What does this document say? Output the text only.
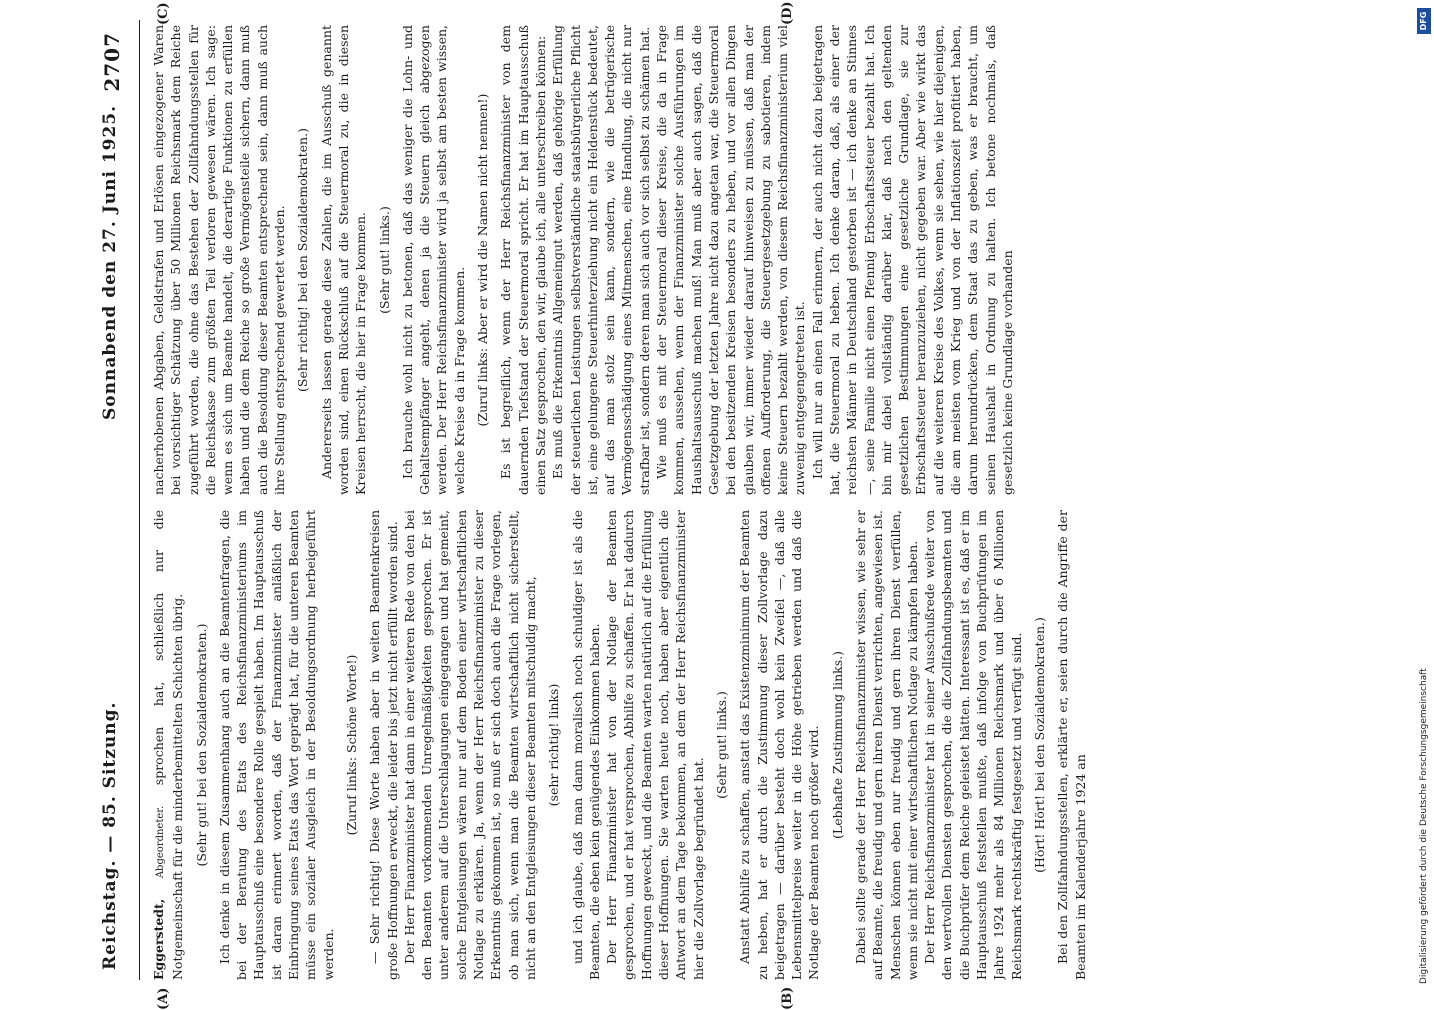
Reichstag. — 85. Sitzung.
Sonnabend den 27. Juni 1925.
2707

Eggerstedt, Abgeordneter. sprochen hat, schließlich nur die Notgemeinschaft für die minderbemittelten Schichten übrig. (Sehr gut! bei den Sozialdemokraten.) Ich denke in diesem Zusammenhang auch an die Beamtenfragen, die bei der Beratung des Etats des Reichsfinanzministeriums im Hauptausschuß eine besondere Rolle gespielt haben. Im Hauptausschuß ist daran erinnert worden, daß der Finanzminister anläßlich der Einbringung seines Etats das Wort geprägt hat, für die unteren Beamten müsse ein sozialer Ausgleich in der Besoldungsordnung herbeigeführt werden.

(Zuruf links: Schöne Worte!) — Sehr richtig! Diese Worte haben aber in weiten Beamtenkreisen große Hoffnungen erweckt, die leider bis jetzt nicht erfüllt worden sind. Der Herr Finanzminister hat dann in einer weiteren Rede von den bei den Beamten vorkommenden Unregelmäßigkeiten gesprochen. Er ist unter anderem auf die Unterschlagungen eingegangen und hat gemeint, solche Entgleisungen wären nur auf dem Boden einer wirtschaftlichen Notlage zu erklären. Ja, wenn der Herr Reichsfinanzminister zu dieser Erkenntnis gekommen ist, so muß er sich doch auch die Frage vorlegen, ob man sich, wenn man die Beamten wirtschaftlich nicht sicherstellt, nicht an den Entgleisungen dieser Beamten mitschuldig macht, (sehr richtig! links) und ich glaube, daß man dann moralisch noch schuldiger ist als die Beamten, die eben kein genügendes Einkommen haben. Der Herr Finanzminister hat von der Notlage der Beamten gesprochen, und er hat versprochen, Abhilfe zu schaffen. Er hat dadurch Hoffnungen geweckt, und die Beamten warten natürlich auf die Erfüllung dieser Hoffnungen. Sie warten heute noch, haben aber eigentlich die Antwort an dem Tage bekommen, an dem der Herr Reichsfinanzminister hier die Zollvorlage begründet hat.

(Sehr gut! links.) Anstatt Abhilfe zu schaffen, anstatt das Existenzminimum der Beamten zu heben, hat er durch die Zustimmung dieser Zollvorlage dazu beigetragen — darüber besteht doch wohl kein Zweifel —, daß alle Lebensmittelpreise weiter in die Höhe getrieben werden und daß die Notlage der Beamten noch größer wird. (Lebhafte Zustimmung links.) Dabei sollte gerade der Herr Reichsfinanzminister wissen, wie sehr er auf Beamte, die freudig und gern ihren Dienst verrichten, angewiesen ist. Menschen können eben nur freudig und gern ihren Dienst verfüllen, wenn sie nicht mit einer wirtschaftlichen Notlage zu kämpfen haben. Der Herr Reichsfinanzminister hat in seiner Ausschußrede weiter von den wertvollen Diensten gesprochen, die die Zollfahndungsbeamten und die Buchprüfer dem Reiche geleistet hätten. Interessant ist es, daß er im Hauptausschuß feststellen mußte, daß infolge von Buchprüfungen im Jahre 1924 mehr als 84 Millionen Reichsmark und über 6 Millionen Reichsmark rechtskräftig festgesetzt und verfügt sind. (Hört! Hört! bei den Sozialdemokraten.) Bei den Zollfahndungsstellen, erklärte er, seien durch die Angriffe der Beamten im Kalenderjahre 1924 an

nacherhobenen Abgaben, Geldstrafen und Erlösen eingezogener Waren bei vorsichtiger Schätzung über 50 Millionen Reichsmark dem Reiche zugeführt worden, die ohne das Bestehen der Zollfahndungsstellen für die Reichskasse zum größten Teil verloren gewesen wären. Ich sage: wenn es sich um Beamte handelt, die derartige Funktionen zu erfüllen haben und die dem Reiche so große Vermögensteile sichern, dann muß auch die Besoldung dieser Beamten entsprechend sein, dann muß auch ihre Stellung entsprechend gewertet werden. (Sehr richtig! bei den Sozialdemokraten.) Andererseits lassen gerade diese Zahlen, die im Ausschuß genannt worden sind, einen Rückschluß auf die Steuermoral zu, die in diesen Kreisen herrscht, die hier in Frage kommen. (Sehr gut! links.) Ich brauche wohl nicht zu betonen, daß das weniger die Lohn- und Gehaltsempfänger angeht, denen ja die Steuern gleich abgezogen werden. Der Herr Reichsfinanzminister wird ja selbst am besten wissen, welche Kreise da in Frage kommen. (Zuruf links: Aber er wird die Namen nicht nennen!) Es ist begreiflich, wenn der Herr Reichsfinanzminister von dem dauernden Tiefstand der Steuermoral spricht. Er hat im Hauptausschuß einen Satz gesprochen, den wir, glaube ich, alle unterschreiben können: Es muß die Erkenntnis Allgemeingut werden, daß gehörige Erfüllung der steuerlichen Leistungen selbstverständliche staatsbürgerliche Pflicht ist, eine gelungene Steuerhinterziehung nicht ein Heldenstück bedeutet, auf das man stolz sein kann, sondern, wie die betrügerische Vermögensschädigung eines Mitmenschen, eine Handlung, die nicht nur strafbar ist, sondern deren man sich auch vor sich selbst zu schämen hat. Wie muß es mit der Steuermoral dieser Kreise, die da in Frage kommen, aussehen, wenn der Finanzminister solche Ausführungen im Haushaltsausschuß machen muß! Man muß aber auch sagen, daß die Gesetzgebung der letzten Jahre nicht dazu angetan war, die Steuermoral bei den besitzenden Kreisen besonders zu heben, und vor allen Dingen glauben wir, immer wieder darauf hinweisen zu müssen, daß man der offenen Aufforderung, die Steuergesetzgebung zu sabotieren, indem keine Steuern bezahlt werden, von diesem Reichsfinanzministerium viel zuwenig entgegengetreten ist. Ich will nur an einen Fall erinnern, der auch nicht dazu beigetragen hat, die Steuermoral zu heben. Ich denke daran, daß, als einer der reichsten Männer in Deutschland gestorben ist — ich denke an Stinnes —, seine Familie nicht einen Pfennig Erbschaftssteuer bezahlt hat. Ich bin mir dabei vollständig darüber klar, daß nach den geltenden gesetzlichen Bestimmungen eine gesetzliche Grundlage, sie zur Erbschaftssteuer heranzuziehen, nicht gegeben war. Aber wie wirkt das auf die weiteren Kreise des Volkes, wenn sie sehen, wie hier diejenigen, die am meisten vom Krieg und von der Inflationszeit profitiert haben, darum herumdrücken, dem Staat das zu geben, was er braucht, um seinen Haushalt in Ordnung zu halten. Ich betone nochmals, daß gesetzlich keine Grundlage vorhanden

(A)	(B)
(C)	(D)	DFG
Digitalisierung gefördert durch die Deutsche Forschungsgemeinschaft
